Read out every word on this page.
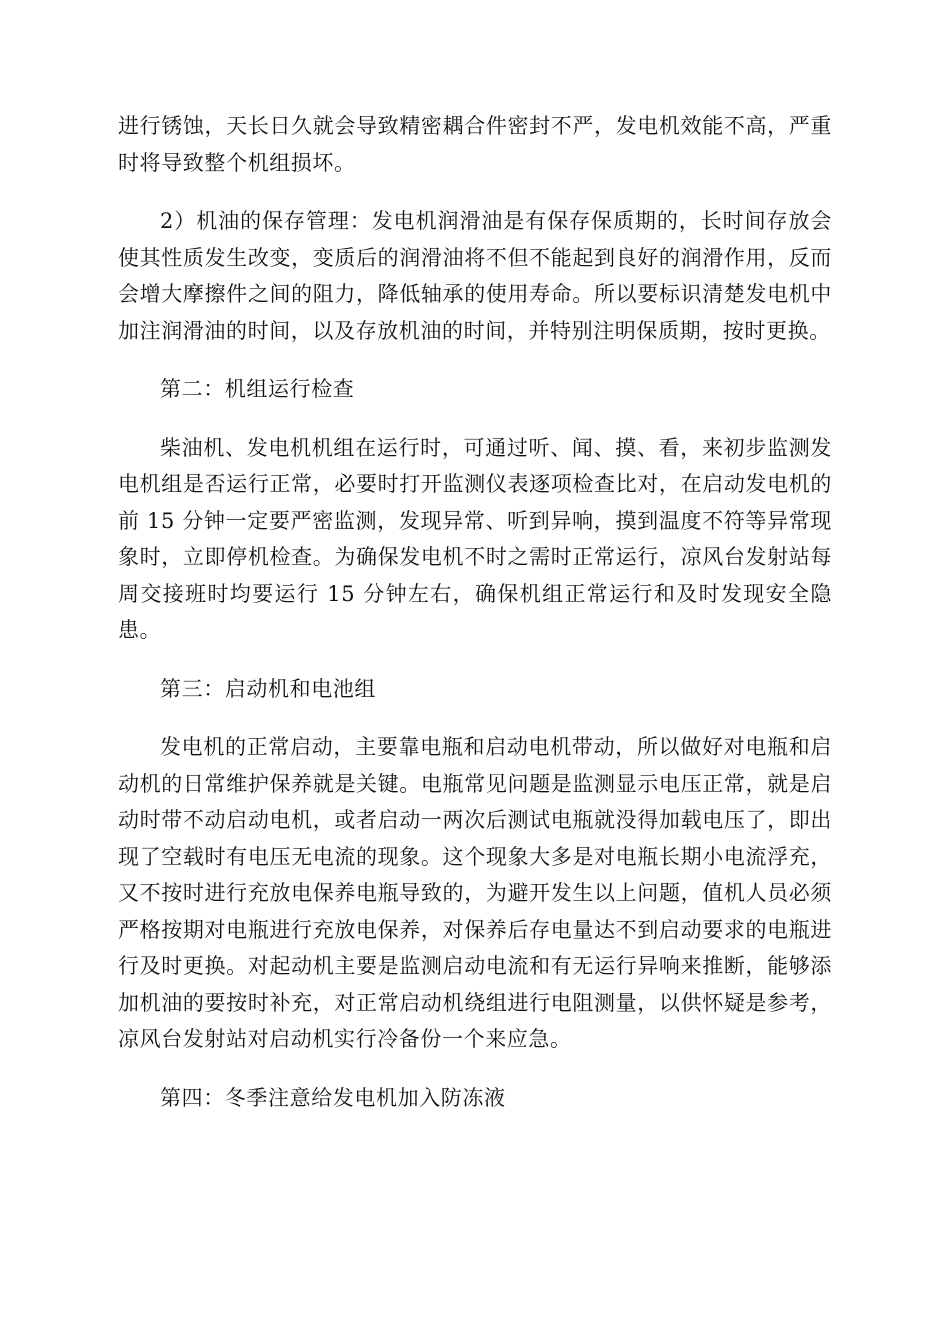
进行锈蚀，天长日久就会导致精密耦合件密封不严，发电机效能不高，严重时将导致整个机组损坏。

2）机油的保存管理：发电机润滑油是有保存保质期的，长时间存放会使其性质发生改变，变质后的润滑油将不但不能起到良好的润滑作用，反而会增大摩擦件之间的阻力，降低轴承的使用寿命。所以要标识清楚发电机中加注润滑油的时间，以及存放机油的时间，并特别注明保质期，按时更换。

第二：机组运行检查

柴油机、发电机机组在运行时，可通过听、闻、摸、看，来初步监测发电机组是否运行正常，必要时打开监测仪表逐项检查比对，在启动发电机的前 15 分钟一定要严密监测，发现异常、听到异响，摸到温度不符等异常现象时，立即停机检查。为确保发电机不时之需时正常运行，凉风台发射站每周交接班时均要运行 15 分钟左右，确保机组正常运行和及时发现安全隐患。

第三：启动机和电池组

发电机的正常启动，主要靠电瓶和启动电机带动，所以做好对电瓶和启动机的日常维护保养就是关键。电瓶常见问题是监测显示电压正常，就是启动时带不动启动电机，或者启动一两次后测试电瓶就没得加载电压了，即出现了空载时有电压无电流的现象。这个现象大多是对电瓶长期小电流浮充，又不按时进行充放电保养电瓶导致的，为避开发生以上问题，值机人员必须严格按期对电瓶进行充放电保养，对保养后存电量达不到启动要求的电瓶进行及时更换。对起动机主要是监测启动电流和有无运行异响来推断，能够添加机油的要按时补充，对正常启动机绕组进行电阻测量，以供怀疑是参考，凉风台发射站对启动机实行冷备份一个来应急。

第四：冬季注意给发电机加入防冻液
